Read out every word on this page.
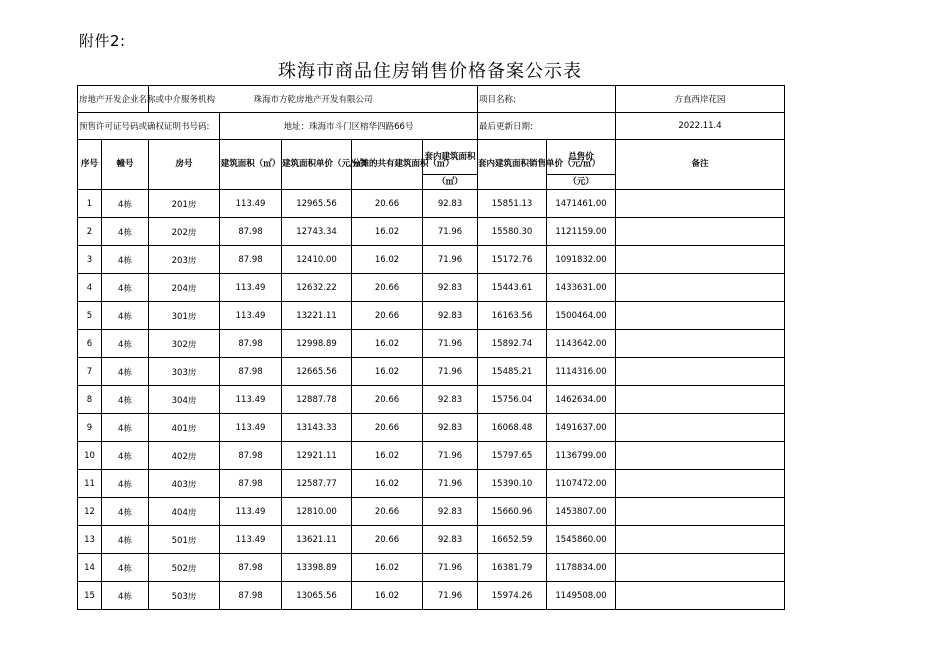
附件2:
珠海市商品住房销售价格备案公示表
房地产开发企业名称或中介服务机构		珠海市方乾房地产开发有限公司					项目名称:		方直西岸花园
预售许可证号码或确权证明书号码:			地址：珠海市斗门区榕华四路66号				最后更新日期:		2022.11.4
序号	幢号	房号	建筑面积（㎡）	建筑面积单价（元/㎡）	分摊的共有建筑面积（㎡）	套内建筑面积	套内建筑面积销售单价（元/㎡）	总售价	备注
						（㎡）		（元）	
1	4栋	201房	113.49	12965.56	20.66	92.83	15851.13	1471461.00	
2	4栋	202房	87.98	12743.34	16.02	71.96	15580.30	1121159.00	
3	4栋	203房	87.98	12410.00	16.02	71.96	15172.76	1091832.00	
4	4栋	204房	113.49	12632.22	20.66	92.83	15443.61	1433631.00	
5	4栋	301房	113.49	13221.11	20.66	92.83	16163.56	1500464.00	
6	4栋	302房	87.98	12998.89	16.02	71.96	15892.74	1143642.00	
7	4栋	303房	87.98	12665.56	16.02	71.96	15485.21	1114316.00	
8	4栋	304房	113.49	12887.78	20.66	92.83	15756.04	1462634.00	
9	4栋	401房	113.49	13143.33	20.66	92.83	16068.48	1491637.00	
10	4栋	402房	87.98	12921.11	16.02	71.96	15797.65	1136799.00	
11	4栋	403房	87.98	12587.77	16.02	71.96	15390.10	1107472.00	
12	4栋	404房	113.49	12810.00	20.66	92.83	15660.96	1453807.00	
13	4栋	501房	113.49	13621.11	20.66	92.83	16652.59	1545860.00	
14	4栋	502房	87.98	13398.89	16.02	71.96	16381.79	1178834.00	
15	4栋	503房	87.98	13065.56	16.02	71.96	15974.26	1149508.00	
